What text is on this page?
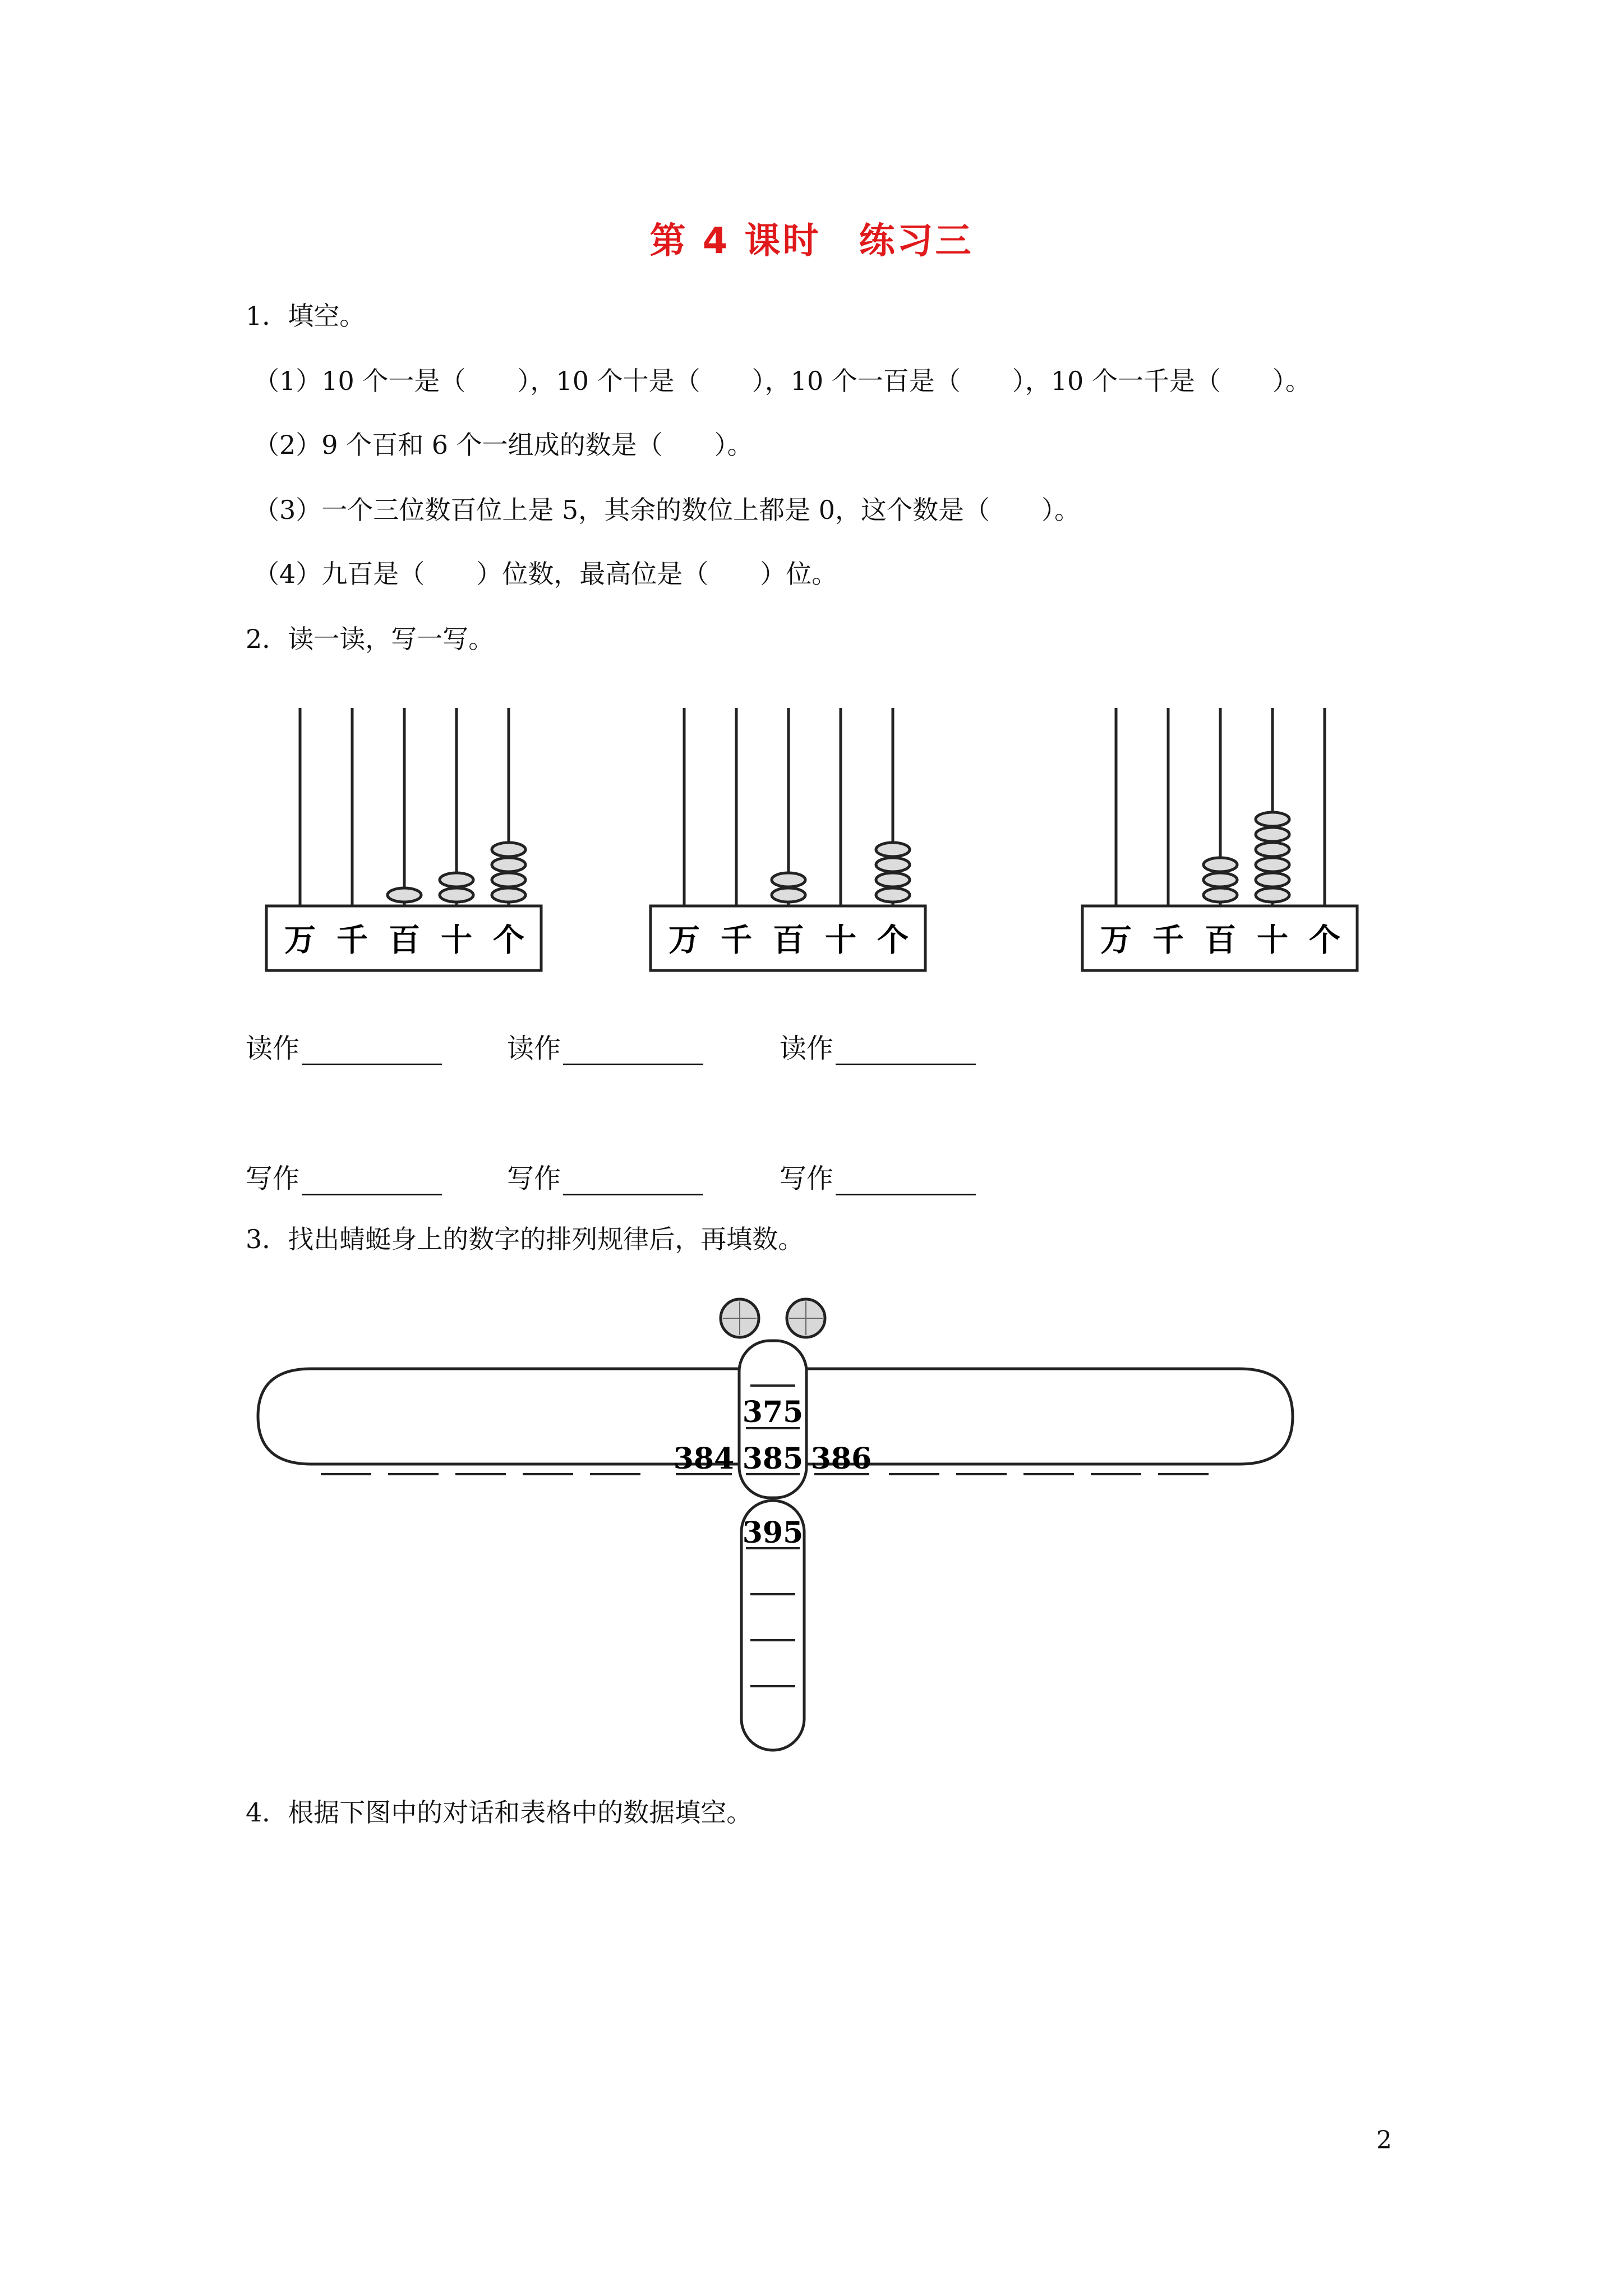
第 4 课时　练习三
1．填空。
（1）10 个一是（　　），10 个十是（　　），10 个一百是（　　），10 个一千是（　　）。
（2）9 个百和 6 个一组成的数是（　　）。
（3）一个三位数百位上是 5，其余的数位上都是 0，这个数是（　　）。
（4）九百是（　　）位数，最高位是（　　）位。
2．读一读，写一写。
万 千 百 十 个	万 千 百 十 个	万 千 百 十 个
读作	读作	读作
写作	写作	写作
3．找出蜻蜓身上的数字的排列规律后，再填数。
375
385
384	386
395
4．根据下图中的对话和表格中的数据填空。
2
